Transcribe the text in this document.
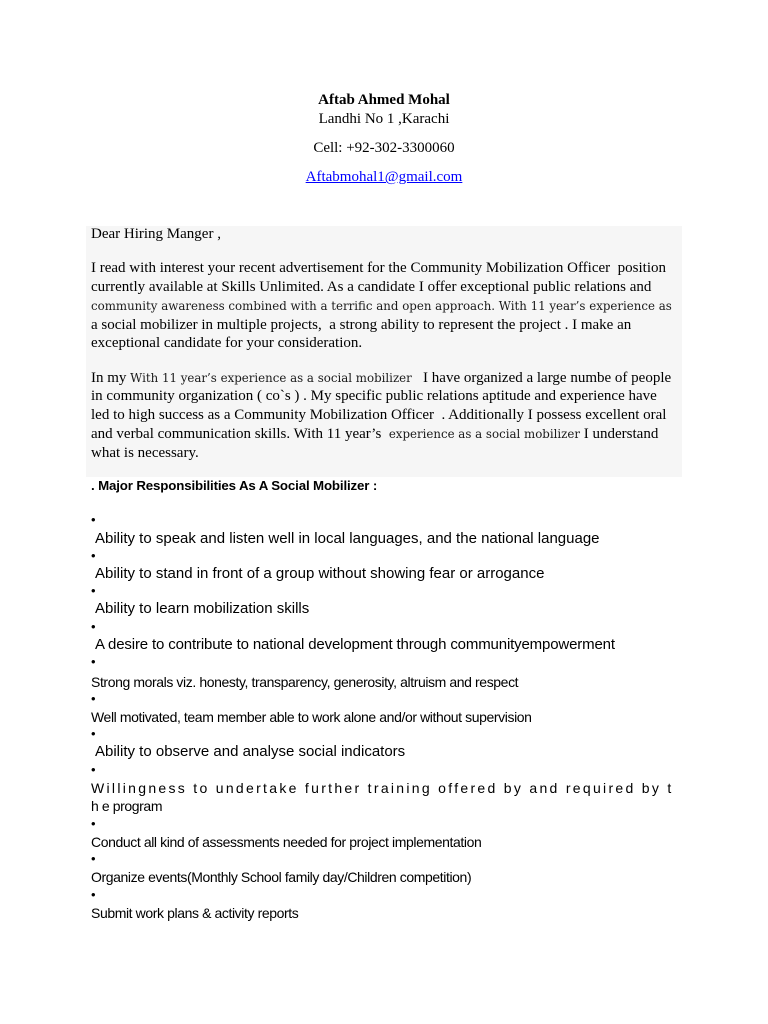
Aftab Ahmed Mohal
Landhi No 1 ,Karachi
Cell: +92-302-3300060
Aftabmohal1@gmail.com
Dear Hiring Manger ,
I read with interest your recent advertisement for the Community Mobilization Officer  position
currently available at Skills Unlimited. As a candidate I offer exceptional public relations and
community awareness combined with a terrific and open approach. With 11 year’s experience as
a social mobilizer in multiple projects,  a strong ability to represent the project . I make an
exceptional candidate for your consideration.
In my With 11 year’s experience as a social mobilizer   I have organized a large numbe of people
in community organization ( co`s ) . My specific public relations aptitude and experience have
led to high success as a Community Mobilization Officer  . Additionally I possess excellent oral
and verbal communication skills. With 11 year’s  experience as a social mobilizer I understand
what is necessary.
. Major Responsibilities As A Social Mobilizer :
•
Ability to speak and listen well in local languages, and the national language
•
Ability to stand in front of a group without showing fear or arrogance
•
Ability to learn mobilization skills
•
A desire to contribute to national development through communityempowerment
•
Strong morals viz. honesty, transparency, generosity, altruism and respect
•
Well motivated, team member able to work alone and/or without supervision
•
Ability to observe and analyse social indicators
•
Willingness to undertake further training offered by and required by t
h e program
•
Conduct all kind of assessments needed for project implementation
•
Organize events(Monthly School family day/Children competition)
•
Submit work plans & activity reports
